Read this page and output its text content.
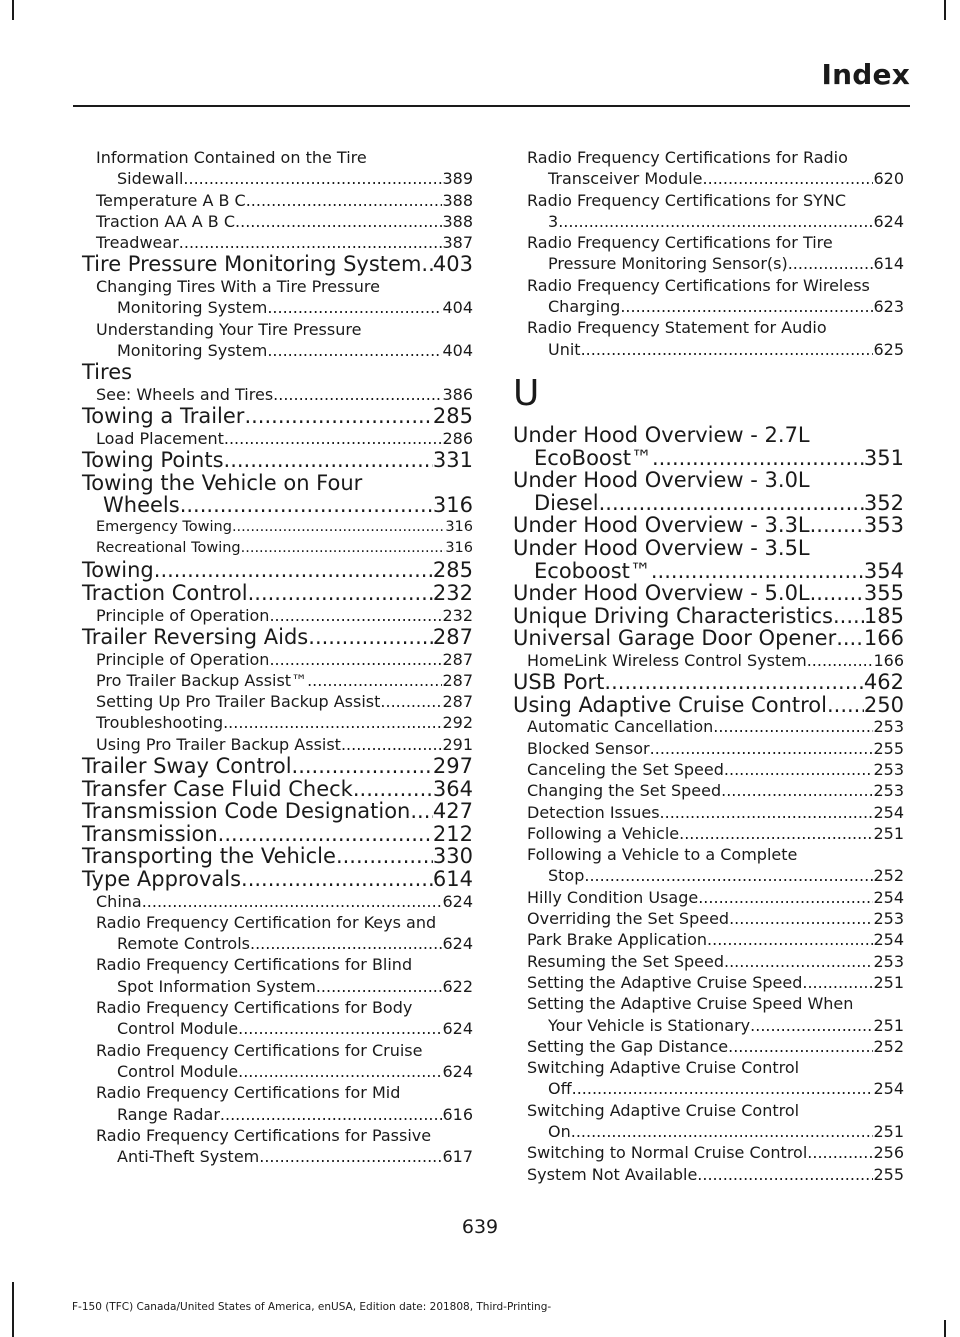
Index
Information Contained on the Tire
Sidewall .....	389
Temperature A B C .....	388
Traction AA A B C .....	388
Treadwear .....	387
Tire Pressure Monitoring System ..... 403
Changing Tires With a Tire Pressure
Monitoring System .....	404
Understanding Your Tire Pressure
Monitoring System .....	404
Tires
See: Wheels and Tires .....	386
Towing a Trailer .....	285
Load Placement .....	286
Towing Points .....	331
Towing the Vehicle on Four
Wheels .....	316
Emergency Towing .....	316
Recreational Towing .....	316
Towing .....	285
Traction Control .....	232
Principle of Operation .....	232
Trailer Reversing Aids .....	287
Principle of Operation .....	287
Pro Trailer Backup Assist™ .....	287
Setting Up Pro Trailer Backup Assist .....	287
Troubleshooting .....	292
Using Pro Trailer Backup Assist .....	291
Trailer Sway Control .....	297
Transfer Case Fluid Check .....	364
Transmission Code Designation ..... 427
Transmission .....	212
Transporting the Vehicle .....	330
Type Approvals .....	614
China .....	624
Radio Frequency Certification for Keys and
Remote Controls .....	624
Radio Frequency Certifications for Blind
Spot Information System .....	622
Radio Frequency Certifications for Body
Control Module .....	624
Radio Frequency Certifications for Cruise
Control Module .....	624
Radio Frequency Certifications for Mid
Range Radar .....	616
Radio Frequency Certifications for Passive
Anti-Theft System .....	617
Radio Frequency Certifications for Radio
Transceiver Module .....	620
Radio Frequency Certifications for SYNC
3 .....	624
Radio Frequency Certifications for Tire
Pressure Monitoring Sensor(s) .....	614
Radio Frequency Certifications for Wireless
Charging .....	623
Radio Frequency Statement for Audio
Unit .....	625
U
Under Hood Overview - 2.7L
EcoBoost™ .....	351
Under Hood Overview - 3.0L
Diesel .....	352
Under Hood Overview - 3.3L .....	353
Under Hood Overview - 3.5L
Ecoboost™ .....	354
Under Hood Overview - 5.0L .....	355
Unique Driving Characteristics ..... 185
Universal Garage Door Opener ..... 166
HomeLink Wireless Control System .....	166
USB Port .....	462
Using Adaptive Cruise Control ..... 250
Automatic Cancellation .....	253
Blocked Sensor .....	255
Canceling the Set Speed .....	253
Changing the Set Speed .....	253
Detection Issues .....	254
Following a Vehicle .....	251
Following a Vehicle to a Complete
Stop .....	252
Hilly Condition Usage .....	254
Overriding the Set Speed .....	253
Park Brake Application .....	254
Resuming the Set Speed .....	253
Setting the Adaptive Cruise Speed .....	251
Setting the Adaptive Cruise Speed When
Your Vehicle is Stationary .....	251
Setting the Gap Distance .....	252
Switching Adaptive Cruise Control
Off .....	254
Switching Adaptive Cruise Control
On .....	251
Switching to Normal Cruise Control .....	256
System Not Available .....	255
639
F-150 (TFC) Canada/United States of America, enUSA, Edition date: 201808, Third-Printing-
